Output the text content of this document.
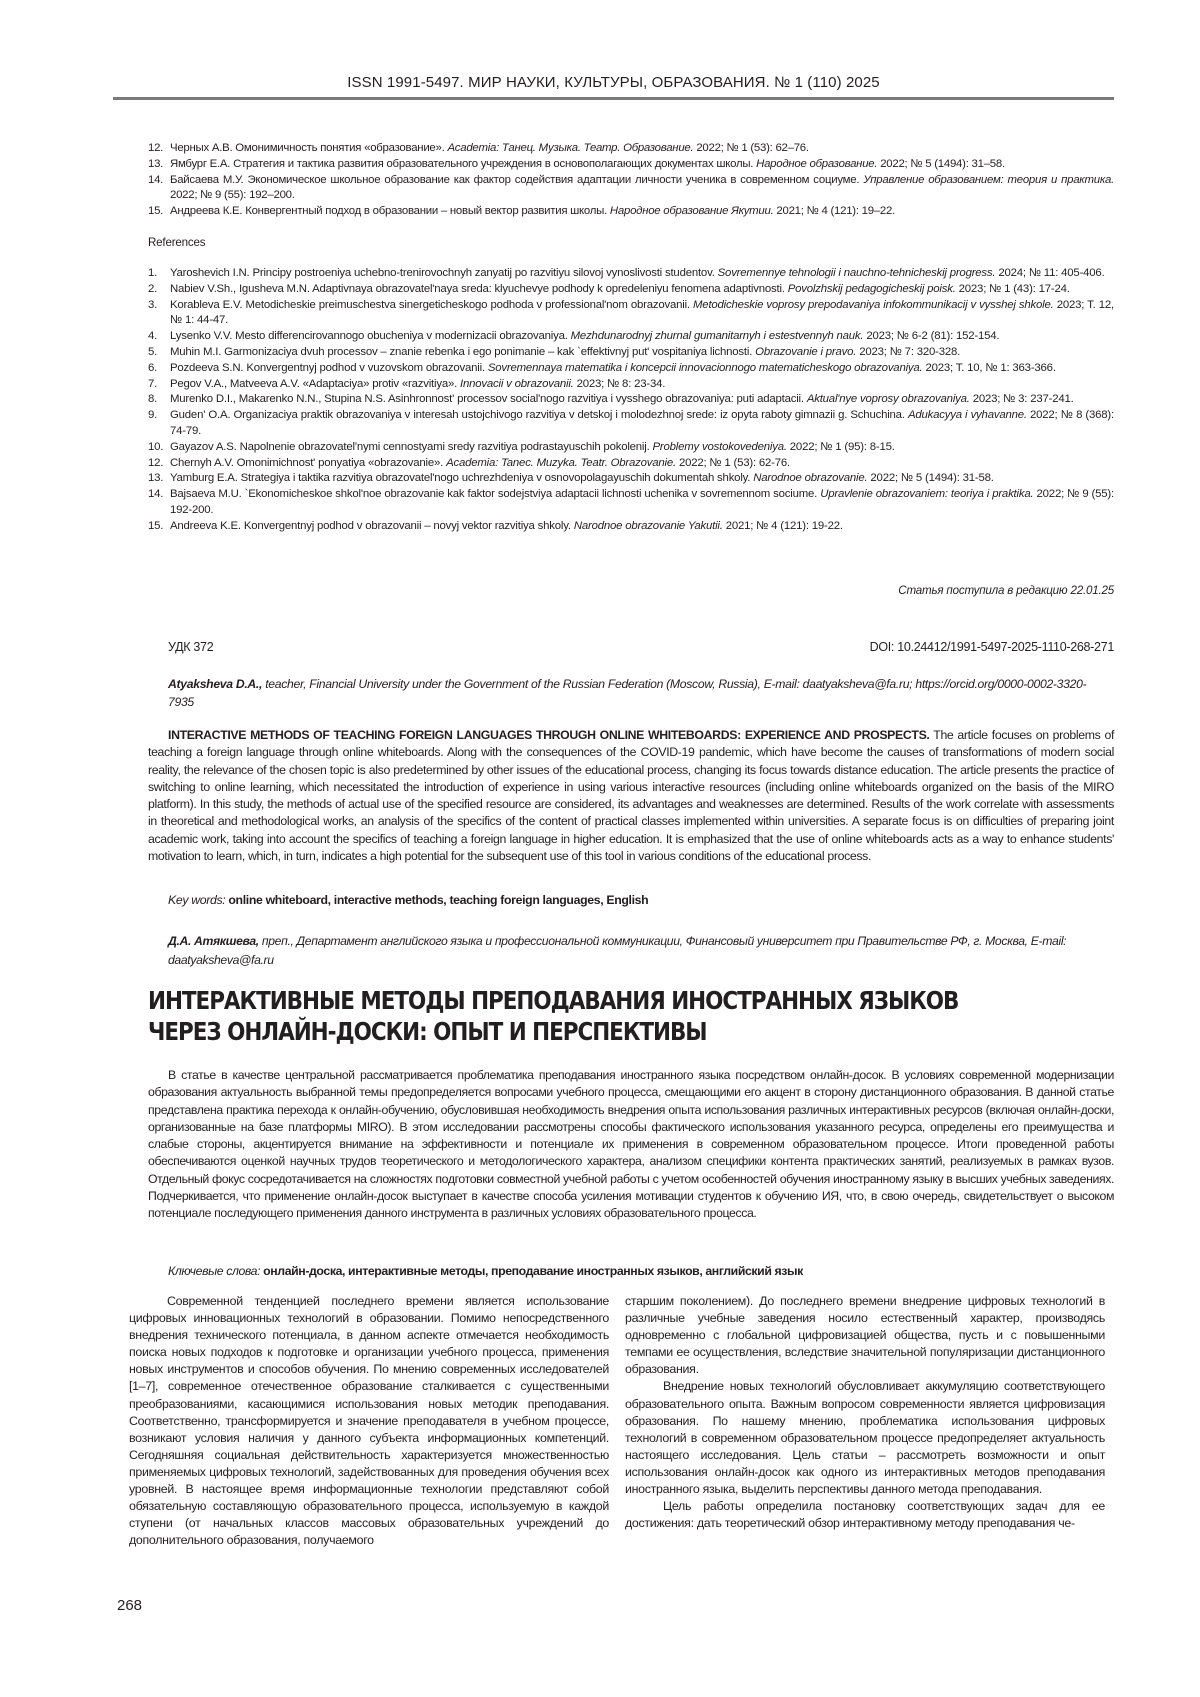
ISSN 1991-5497. МИР НАУКИ, КУЛЬТУРЫ, ОБРАЗОВАНИЯ. № 1 (110) 2025
12. Черных А.В. Омонимичность понятия «образование». Academia: Танец. Музыка. Театр. Образование. 2022; № 1 (53): 62–76.
13. Ямбург Е.А. Стратегия и тактика развития образовательного учреждения в основополагающих документах школы. Народное образование. 2022; № 5 (1494): 31–58.
14. Байсаева М.У. Экономическое школьное образование как фактор содействия адаптации личности ученика в современном социуме. Управление образованием: теория и практика. 2022; № 9 (55): 192–200.
15. Андреева К.Е. Конвергентный подход в образовании – новый вектор развития школы. Народное образование Якутии. 2021; № 4 (121): 19–22.
References
1. Yaroshevich I.N. Principy postroeniya uchebno-trenirovochnyh zanyatij po razvitiyu silovoj vynoslivosti studentov. Sovremennye tehnologii i nauchno-tehnicheskij progress. 2024; № 11: 405-406.
2. Nabiev V.Sh., Igusheva M.N. Adaptivnaya obrazovatel'naya sreda: klyuchevye podhody k opredeleniyu fenomena adaptivnosti. Povolzhskij pedagogicheskij poisk. 2023; № 1 (43): 17-24.
3. Korableva E.V. Metodicheskie preimuschestva sinergeticheskogo podhoda v professional'nom obrazovanii. Metodicheskie voprosy prepodavaniya infokommunikacij v vysshej shkole. 2023; T. 12, № 1: 44-47.
4. Lysenko V.V. Mesto differencirovannogo obucheniya v modernizacii obrazovaniya. Mezhdunarodnyj zhurnal gumanitarnyh i estestvennyh nauk. 2023; № 6-2 (81): 152-154.
5. Muhin M.I. Garmonizaciya dvuh processov – znanie rebenka i ego ponimanie – kak `effektivnyj put' vospitaniya lichnosti. Obrazovanie i pravo. 2023; № 7: 320-328.
6. Pozdeeva S.N. Konvergentnyj podhod v vuzovskom obrazovanii. Sovremennaya matematika i koncepcii innovacionnogo matematicheskogo obrazovaniya. 2023; T. 10, № 1: 363-366.
7. Pegov V.A., Matveeva A.V. «Adaptaciya» protiv «razvitiya». Innovacii v obrazovanii. 2023; № 8: 23-34.
8. Murenko D.I., Makarenko N.N., Stupina N.S. Asinhronnost' processov social'nogo razvitiya i vysshego obrazovaniya: puti adaptacii. Aktual'nye voprosy obrazovaniya. 2023; № 3: 237-241.
9. Guden' O.A. Organizaciya praktik obrazovaniya v interesah ustojchivogo razvitiya v detskoj i molodezhnoj srede: iz opyta raboty gimnazii g. Schuchina. Adukacyya i vyhavanne. 2022; № 8 (368): 74-79.
10. Gayazov A.S. Napolnenie obrazovatel'nymi cennostyami sredy razvitiya podrastayuschih pokolenij. Problemy vostokovedeniya. 2022; № 1 (95): 8-15.
12. Chernyh A.V. Omonimichnost' ponyatiya «obrazovanie». Academia: Tanec. Muzyka. Teatr. Obrazovanie. 2022; № 1 (53): 62-76.
13. Yamburg E.A. Strategiya i taktika razvitiya obrazovatel'nogo uchrezhdeniya v osnovopolagayuschih dokumentah shkoly. Narodnoe obrazovanie. 2022; № 5 (1494): 31-58.
14. Bajsaeva M.U. `Ekonomicheskoe shkol'noe obrazovanie kak faktor sodejstviya adaptacii lichnosti uchenika v sovremennom sociume. Upravlenie obrazovaniem: teoriya i praktika. 2022; № 9 (55): 192-200.
15. Andreeva K.E. Konvergentnyj podhod v obrazovanii – novyj vektor razvitiya shkoly. Narodnoe obrazovanie Yakutii. 2021; № 4 (121): 19-22.
Статья поступила в редакцию 22.01.25
УДК 372	DOI: 10.24412/1991-5497-2025-1110-268-271
Atyaksheva D.A., teacher, Financial University under the Government of the Russian Federation (Moscow, Russia), E-mail: daatyaksheva@fa.ru; https://orcid.org/0000-0002-3320-7935
INTERACTIVE METHODS OF TEACHING FOREIGN LANGUAGES THROUGH ONLINE WHITEBOARDS: EXPERIENCE AND PROSPECTS. The article focuses on problems of teaching a foreign language through online whiteboards. Along with the consequences of the COVID-19 pandemic, which have become the causes of transformations of modern social reality, the relevance of the chosen topic is also predetermined by other issues of the educational process, changing its focus towards distance education. The article presents the practice of switching to online learning, which necessitated the introduction of experience in using various interactive resources (including online whiteboards organized on the basis of the MIRO platform). In this study, the methods of actual use of the specified resource are considered, its advantages and weaknesses are determined. Results of the work correlate with assessments in theoretical and methodological works, an analysis of the specifics of the content of practical classes implemented within universities. A separate focus is on difficulties of preparing joint academic work, taking into account the specifics of teaching a foreign language in higher education. It is emphasized that the use of online whiteboards acts as a way to enhance students' motivation to learn, which, in turn, indicates a high potential for the subsequent use of this tool in various conditions of the educational process.
Key words: online whiteboard, interactive methods, teaching foreign languages, English
Д.А. Атякшева, преп., Департамент английского языка и профессиональной коммуникации, Финансовый университет при Правительстве РФ, г. Москва, E-mail: daatyaksheva@fa.ru
ИНТЕРАКТИВНЫЕ МЕТОДЫ ПРЕПОДАВАНИЯ ИНОСТРАННЫХ ЯЗЫКОВ
ЧЕРЕЗ ОНЛАЙН-ДОСКИ: ОПЫТ И ПЕРСПЕКТИВЫ
В статье в качестве центральной рассматривается проблематика преподавания иностранного языка посредством онлайн-досок. В условиях современной модернизации образования актуальность выбранной темы предопределяется вопросами учебного процесса, смещающими его акцент в сторону дистанционного образования. В данной статье представлена практика перехода к онлайн-обучению, обусловившая необходимость внедрения опыта использования различных интерактивных ресурсов (включая онлайн-доски, организованные на базе платформы MIRO). В этом исследовании рассмотрены способы фактического использования указанного ресурса, определены его преимущества и слабые стороны, акцентируется внимание на эффективности и потенциале их применения в современном образовательном процессе. Итоги проведенной работы обеспечиваются оценкой научных трудов теоретического и методологического характера, анализом специфики контента практических занятий, реализуемых в рамках вузов. Отдельный фокус сосредотачивается на сложностях подготовки совместной учебной работы с учетом особенностей обучения иностранному языку в высших учебных заведениях. Подчеркивается, что применение онлайн-досок выступает в качестве способа усиления мотивации студентов к обучению ИЯ, что, в свою очередь, свидетельствует о высоком потенциале последующего применения данного инструмента в различных условиях образовательного процесса.
Ключевые слова: онлайн-доска, интерактивные методы, преподавание иностранных языков, английский язык

Современной тенденцией последнего времени является использование цифровых инновационных технологий в образовании. Помимо непосредственного внедрения технического потенциала, в данном аспекте отмечается необходимость поиска новых подходов к подготовке и организации учебного процесса, применения новых инструментов и способов обучения. По мнению современных исследователей [1–7], современное отечественное образование сталкивается с существенными преобразованиями, касающимися использования новых методик преподавания. Соответственно, трансформируется и значение преподавателя в учебном процессе, возникают условия наличия у данного субъекта информационных компетенций. Сегодняшняя социальная действительность характеризуется множественностью применяемых цифровых технологий, задействованных для проведения обучения всех уровней. В настоящее время информационные технологии представляют собой обязательную составляющую образовательного процесса, используемую в каждой ступени (от начальных классов массовых образовательных учреждений до дополнительного образования, получаемого

старшим поколением). До последнего времени внедрение цифровых технологий в различные учебные заведения носило естественный характер, производясь одновременно с глобальной цифровизацией общества, пусть и с повышенными темпами ее осуществления, вследствие значительной популяризации дистанционного образования.

Внедрение новых технологий обусловливает аккумуляцию соответствующего образовательного опыта. Важным вопросом современности является цифровизация образования. По нашему мнению, проблематика использования цифровых технологий в современном образовательном процессе предопределяет актуальность настоящего исследования. Цель статьи – рассмотреть возможности и опыт использования онлайн-досок как одного из интерактивных методов преподавания иностранного языка, выделить перспективы данного метода преподавания.

Цель работы определила постановку соответствующих задач для ее достижения: дать теоретический обзор интерактивному методу преподавания че-

268
